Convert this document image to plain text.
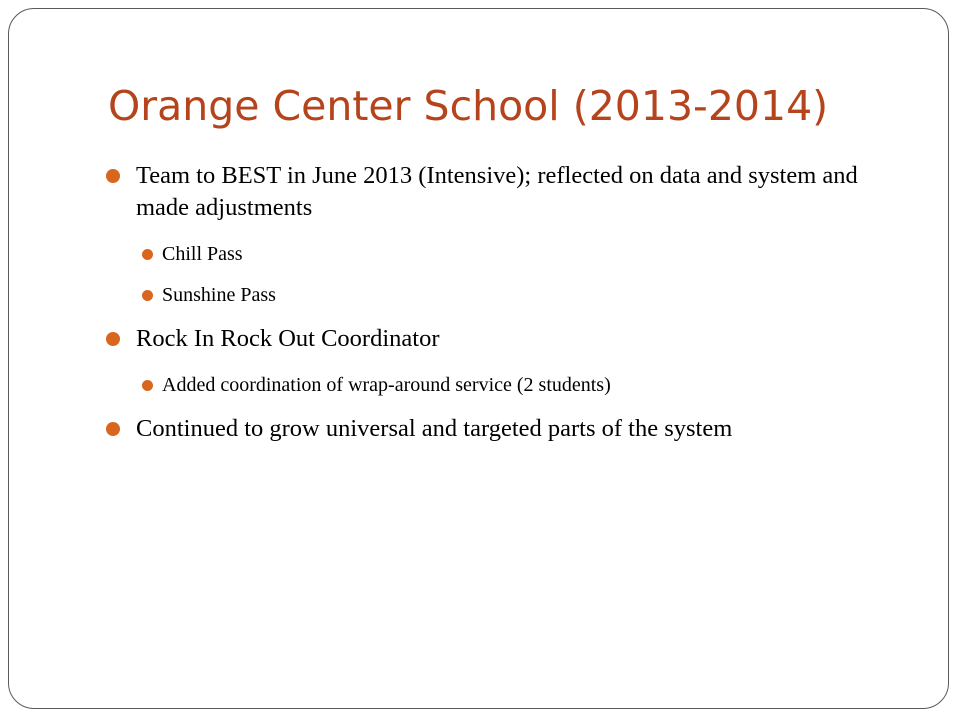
Orange Center School (2013-2014)
Team to BEST in June 2013 (Intensive); reflected on data and system and made adjustments
Chill Pass
Sunshine Pass
Rock In Rock Out Coordinator
Added coordination of wrap-around service (2 students)
Continued to grow universal and targeted parts of the system
